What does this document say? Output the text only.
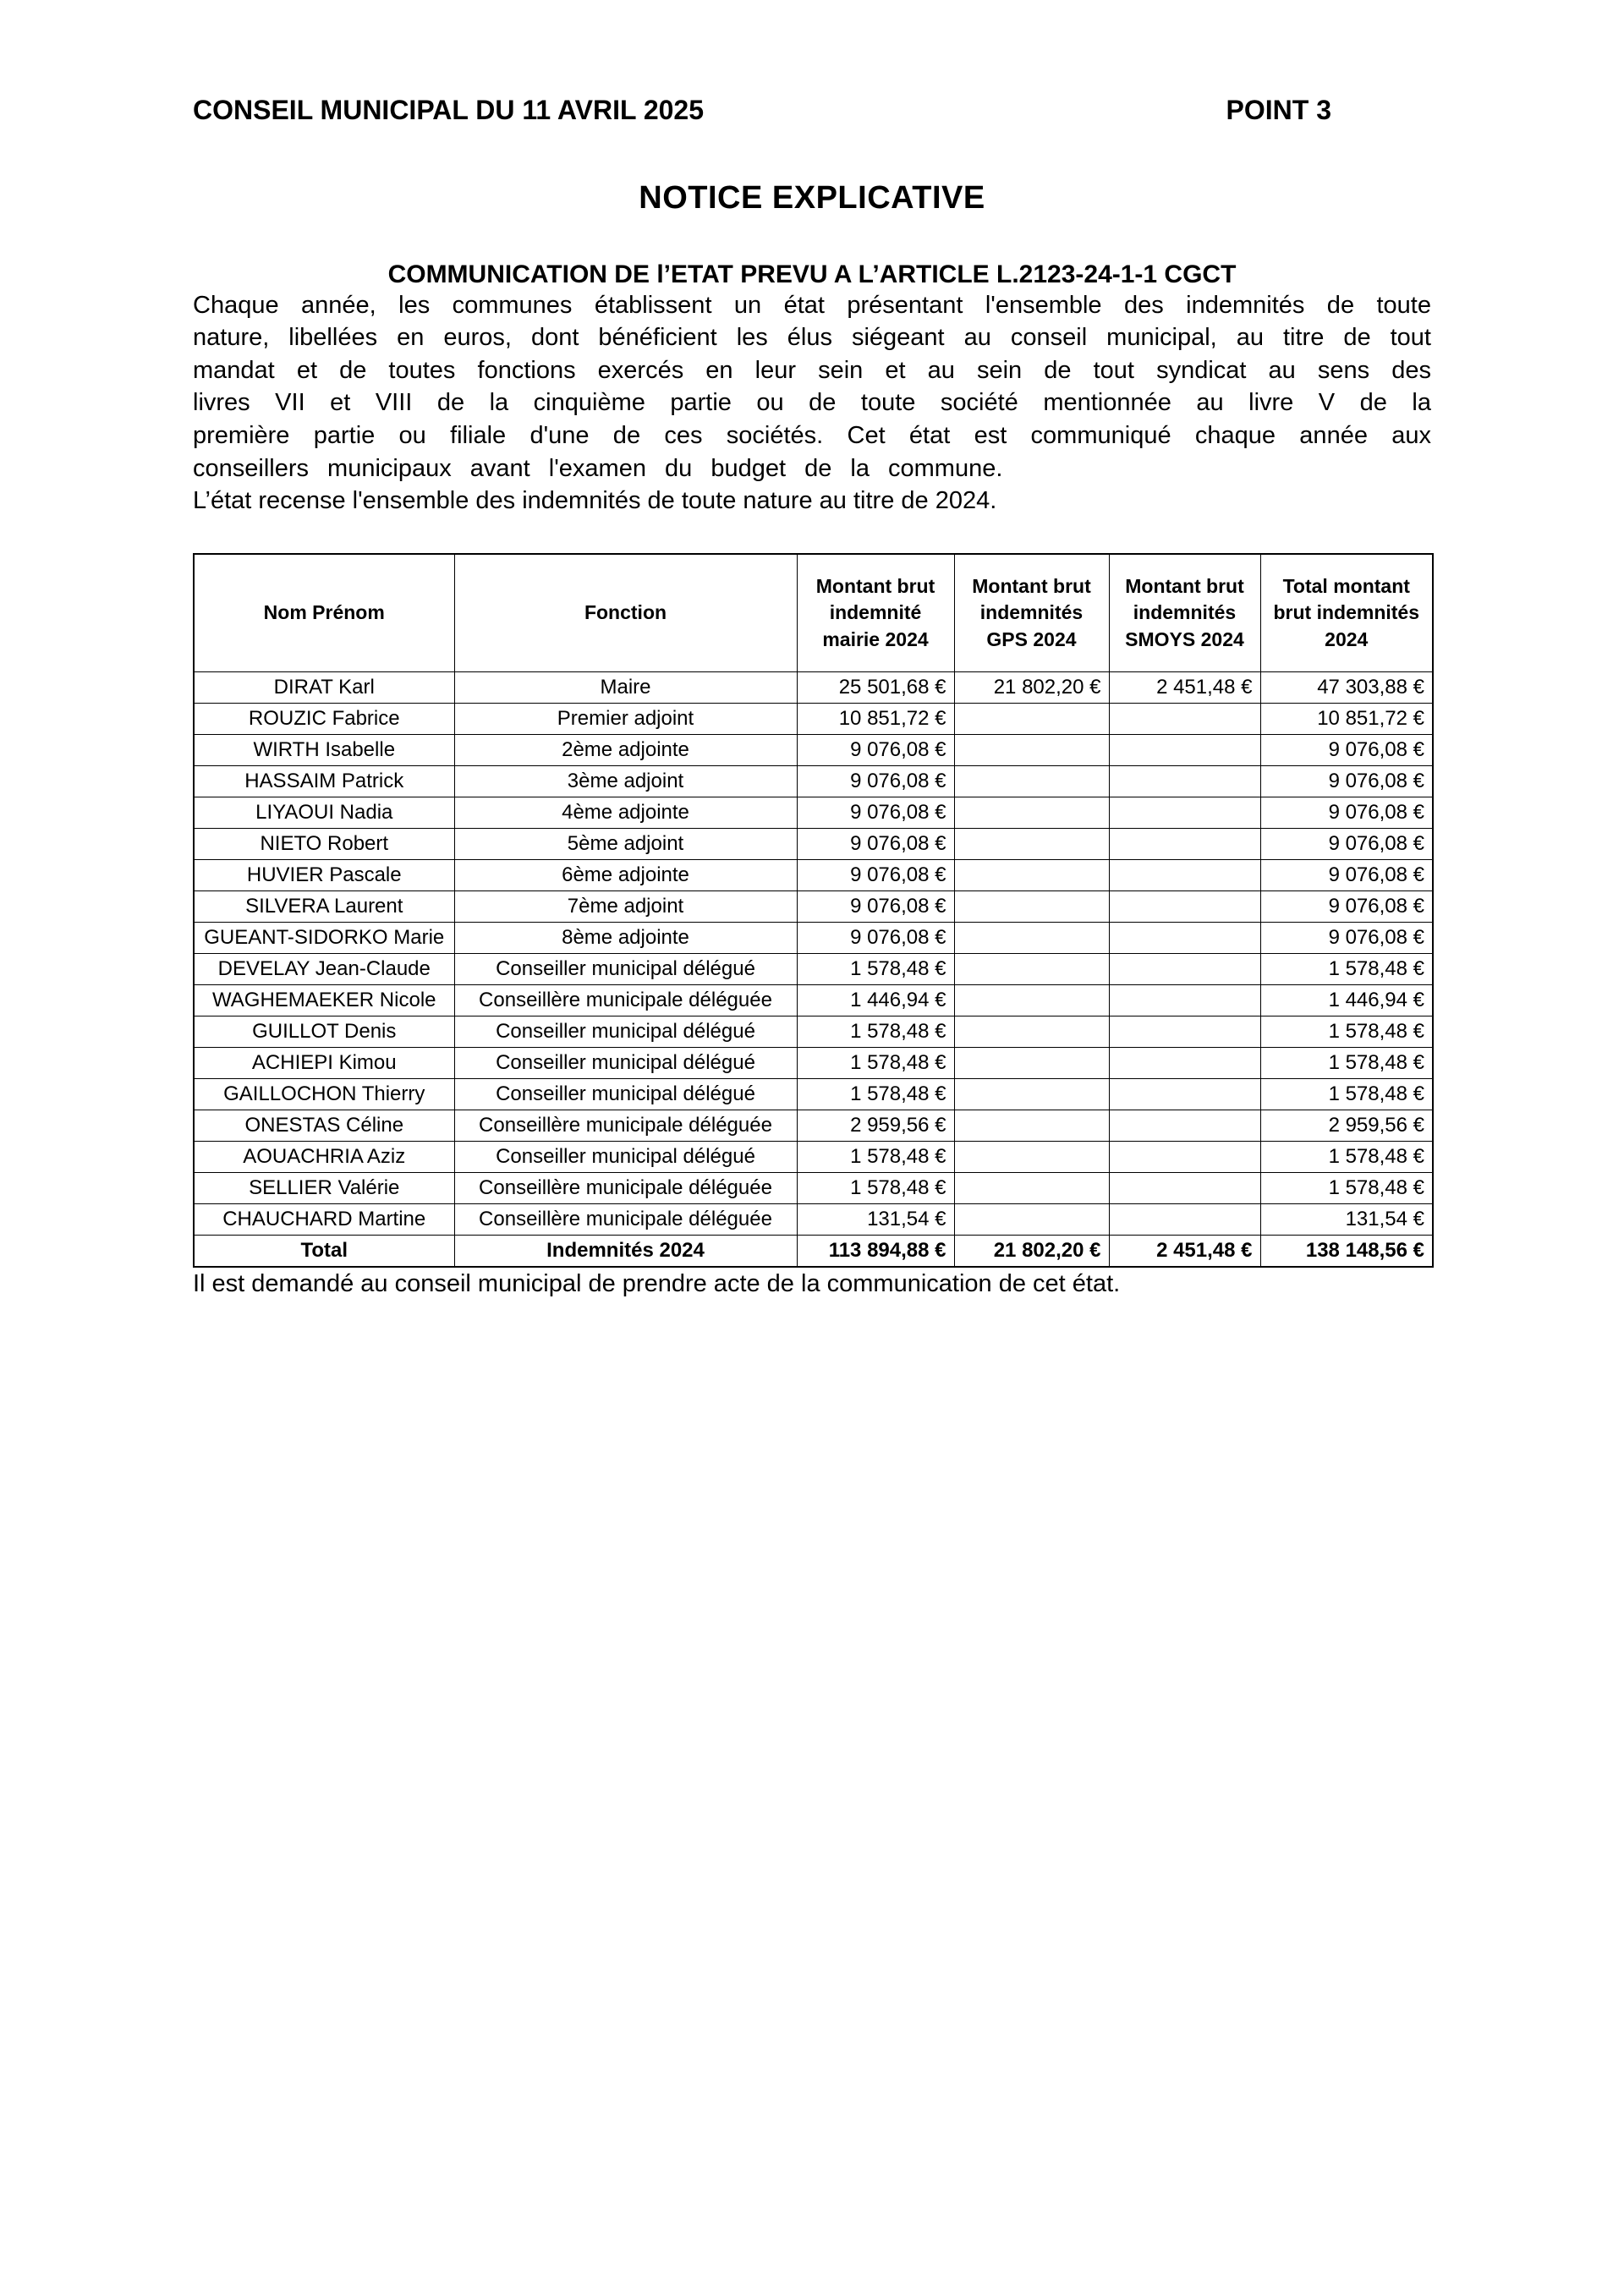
CONSEIL MUNICIPAL DU 11 AVRIL 2025	POINT 3
NOTICE EXPLICATIVE
COMMUNICATION DE l’ETAT PREVU A L’ARTICLE L.2123-24-1-1 CGCT

Chaque année, les communes établissent un état présentant l'ensemble des indemnités de toute nature, libellées en euros, dont bénéficient les élus siégeant au conseil municipal, au titre de tout mandat et de toutes fonctions exercés en leur sein et au sein de tout syndicat au sens des livres VII et VIII de la cinquième partie ou de toute société mentionnée au livre V de la première partie ou filiale d'une de ces sociétés. Cet état est communiqué chaque année aux conseillers municipaux avant l'examen du budget de la commune.

L’état recense l'ensemble des indemnités de toute nature au titre de 2024.

Nom Prénom	Fonction	Montant brut indemnité mairie 2024	Montant brut indemnités GPS 2024	Montant brut indemnités SMOYS 2024	Total montant brut indemnités 2024
DIRAT Karl	Maire	25 501,68 €	21 802,20 €	2 451,48 €	47 303,88 €
ROUZIC Fabrice	Premier adjoint	10 851,72 €			10 851,72 €
WIRTH Isabelle	2ème adjointe	9 076,08 €			9 076,08 €
HASSAIM Patrick	3ème adjoint	9 076,08 €			9 076,08 €
LIYAOUI Nadia	4ème adjointe	9 076,08 €			9 076,08 €
NIETO Robert	5ème adjoint	9 076,08 €			9 076,08 €
HUVIER Pascale	6ème adjointe	9 076,08 €			9 076,08 €
SILVERA Laurent	7ème adjoint	9 076,08 €			9 076,08 €
GUEANT-SIDORKO Marie	8ème adjointe	9 076,08 €			9 076,08 €
DEVELAY Jean-Claude	Conseiller municipal délégué	1 578,48 €			1 578,48 €
WAGHEMAEKER Nicole	Conseillère municipale déléguée	1 446,94 €			1 446,94 €
GUILLOT Denis	Conseiller municipal délégué	1 578,48 €			1 578,48 €
ACHIEPI Kimou	Conseiller municipal délégué	1 578,48 €			1 578,48 €
GAILLOCHON Thierry	Conseiller municipal délégué	1 578,48 €			1 578,48 €
ONESTAS Céline	Conseillère municipale déléguée	2 959,56 €			2 959,56 €
AOUACHRIA Aziz	Conseiller municipal délégué	1 578,48 €			1 578,48 €
SELLIER Valérie	Conseillère municipale déléguée	1 578,48 €			1 578,48 €
CHAUCHARD Martine	Conseillère municipale déléguée	131,54 €			131,54 €
Total	Indemnités 2024	113 894,88 €	21 802,20 €	2 451,48 €	138 148,56 €

Il est demandé au conseil municipal de prendre acte de la communication de cet état.
